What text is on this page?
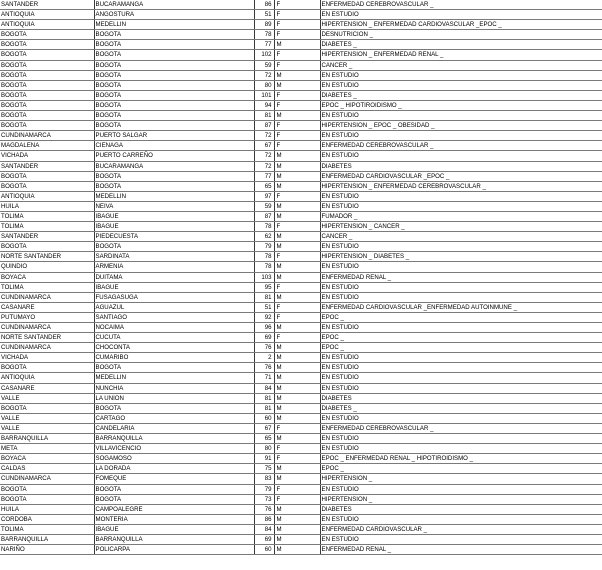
SANTANDER	BUCARAMANGA	86	F	ENFERMEDAD CEREBROVASCULAR _
ANTIOQUIA	ANGOSTURA	51	F	EN ESTUDIO
ANTIOQUIA	MEDELLIN	89	F	HIPERTENSION _ ENFERMEDAD CARDIOVASCULAR _EPOC _
BOGOTA	BOGOTA	78	F	DESNUTRICION _
BOGOTA	BOGOTA	77	M	DIABETES _
BOGOTA	BOGOTA	102	F	HIPERTENSION _ ENFERMEDAD RENAL _
BOGOTA	BOGOTA	59	F	CANCER _
BOGOTA	BOGOTA	72	M	EN ESTUDIO
BOGOTA	BOGOTA	80	M	EN ESTUDIO
BOGOTA	BOGOTA	101	F	DIABETES _
BOGOTA	BOGOTA	94	F	EPOC _ HIPOTIROIDISMO _
BOGOTA	BOGOTA	81	M	EN ESTUDIO
BOGOTA	BOGOTA	87	F	HIPERTENSION _ EPOC _ OBESIDAD _
CUNDINAMARCA	PUERTO SALGAR	72	F	EN ESTUDIO
MAGDALENA	CIENAGA	67	F	ENFERMEDAD CEREBROVASCULAR _
VICHADA	PUERTO CARREÑO	72	M	EN ESTUDIO
SANTANDER	BUCARAMANGA	72	M	DIABETES
BOGOTA	BOGOTA	77	M	ENFERMEDAD CARDIOVASCULAR _EPOC _
BOGOTA	BOGOTA	65	M	HIPERTENSION _ ENFERMEDAD CEREBROVASCULAR _
ANTIOQUIA	MEDELLIN	97	F	EN ESTUDIO
HUILA	NEIVA	59	M	EN ESTUDIO
TOLIMA	IBAGUE	87	M	FUMADOR _
TOLIMA	IBAGUE	78	F	HIPERTENSION _ CANCER _
SANTANDER	PIEDECUESTA	62	M	CANCER _
BOGOTA	BOGOTA	79	M	EN ESTUDIO
NORTE SANTANDER	SARDINATA	78	F	HIPERTENSION _ DIABETES _
QUINDIO	ARMENIA	78	M	EN ESTUDIO
BOYACA	DUITAMA	103	M	ENFERMEDAD RENAL _
TOLIMA	IBAGUE	95	F	EN ESTUDIO
CUNDINAMARCA	FUSAGASUGA	81	M	EN ESTUDIO
CASANARE	AGUAZUL	51	F	ENFERMEDAD CARDIOVASCULAR _ENFERMEDAD AUTOINMUNE _
PUTUMAYO	SANTIAGO	92	F	EPOC _
CUNDINAMARCA	NOCAIMA	96	M	EN ESTUDIO
NORTE SANTANDER	CUCUTA	69	F	EPOC _
CUNDINAMARCA	CHOCONTA	76	M	EPOC _
VICHADA	CUMARIBO	2	M	EN ESTUDIO
BOGOTA	BOGOTA	76	M	EN ESTUDIO
ANTIOQUIA	MEDELLIN	71	M	EN ESTUDIO
CASANARE	NUNCHIA	84	M	EN ESTUDIO
VALLE	LA UNION	81	M	DIABETES
BOGOTA	BOGOTA	81	M	DIABETES _
VALLE	CARTAGO	60	M	EN ESTUDIO
VALLE	CANDELARIA	67	F	ENFERMEDAD CEREBROVASCULAR _
BARRANQUILLA	BARRANQUILLA	65	M	EN ESTUDIO
META	VILLAVICENCIO	80	F	EN ESTUDIO
BOYACA	SOGAMOSO	91	F	EPOC _ ENFERMEDAD RENAL _ HIPOTIROIDISMO _
CALDAS	LA DORADA	75	M	EPOC _
CUNDINAMARCA	FOMEQUE	83	M	HIPERTENSION _
BOGOTA	BOGOTA	79	F	EN ESTUDIO
BOGOTA	BOGOTA	73	F	HIPERTENSION _
HUILA	CAMPOALEGRE	76	M	DIABETES
CORDOBA	MONTERIA	86	M	EN ESTUDIO
TOLIMA	IBAGUE	84	M	ENFERMEDAD CARDIOVASCULAR _
BARRANQUILLA	BARRANQUILLA	69	M	EN ESTUDIO
NARIÑO	POLICARPA	60	M	ENFERMEDAD RENAL _
